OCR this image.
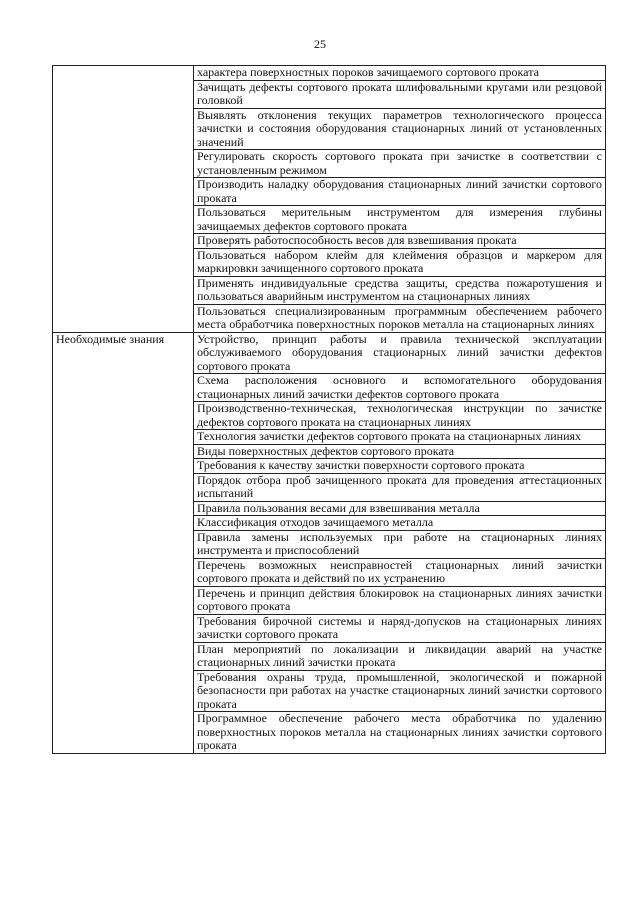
25
	характера поверхностных пороков зачищаемого сортового проката
	Зачищать дефекты сортового проката шлифовальными кругами или резцовой головкой
	Выявлять отклонения текущих параметров технологического процесса зачистки и состояния оборудования стационарных линий от установленных значений
	Регулировать скорость сортового проката при зачистке в соответствии с установленным режимом
	Производить наладку оборудования стационарных линий зачистки сортового проката
	Пользоваться мерительным инструментом для измерения глубины зачищаемых дефектов сортового проката
	Проверять работоспособность весов для взвешивания проката
	Пользоваться набором клейм для клеймения образцов и маркером для маркировки зачищенного сортового проката
	Применять индивидуальные средства защиты, средства пожаротушения и пользоваться аварийным инструментом на стационарных линиях
	Пользоваться специализированным программным обеспечением рабочего места обработчика поверхностных пороков металла на стационарных линиях
Необходимые знания	Устройство, принцип работы и правила технической эксплуатации обслуживаемого оборудования стационарных линий зачистки дефектов сортового проката
	Схема расположения основного и вспомогательного оборудования стационарных линий зачистки дефектов сортового проката
	Производственно-техническая, технологическая инструкции по зачистке дефектов сортового проката на стационарных линиях
	Технология зачистки дефектов сортового проката на стационарных линиях
	Виды поверхностных дефектов сортового проката
	Требования к качеству зачистки поверхности сортового проката
	Порядок отбора проб зачищенного проката для проведения аттестационных испытаний
	Правила пользования весами для взвешивания металла
	Классификация отходов зачищаемого металла
	Правила замены используемых при работе на стационарных линиях инструмента и приспособлений
	Перечень возможных неисправностей стационарных линий зачистки сортового проката и действий по их устранению
	Перечень и принцип действия блокировок на стационарных линиях зачистки сортового проката
	Требования бирочной системы и наряд-допусков на стационарных линиях зачистки сортового проката
	План мероприятий по локализации и ликвидации аварий на участке стационарных линий зачистки проката
	Требования охраны труда, промышленной, экологической и пожарной безопасности при работах на участке стационарных линий зачистки сортового проката
	Программное обеспечение рабочего места обработчика по удалению поверхностных пороков металла на стационарных линиях зачистки сортового проката
